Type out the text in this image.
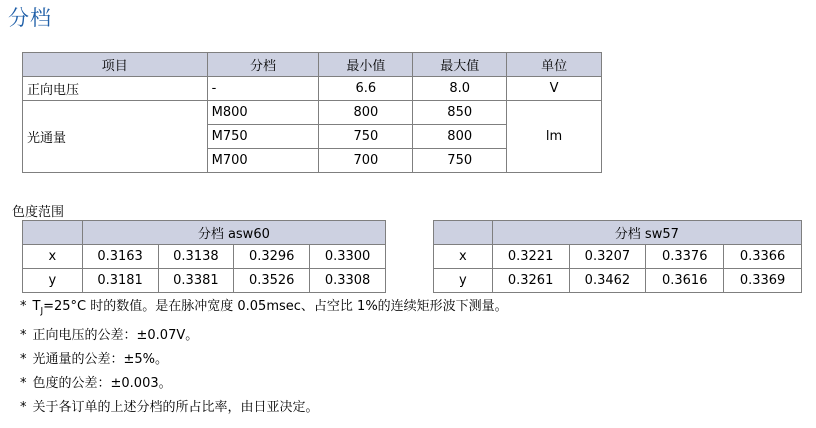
分档
项目	分档	最小值	最大值	单位
正向电压	-	6.6	8.0	V
光通量	M800	800	850	lm
	M750	750	800	
	M700	700	750	
色度范围
	分档 asw60			
x	0.3163	0.3138	0.3296	0.3300
y	0.3181	0.3381	0.3526	0.3308
	分档 sw57			
x	0.3221	0.3207	0.3376	0.3366
y	0.3261	0.3462	0.3616	0.3369
* $T_J=25^\circ C$ 时的数值。是在脉冲宽度 0.05msec、占空比 1%的连续矩形波下测量。
* 正向电压的公差：±0.07V。
* 光通量的公差：±5%。
* 色度的公差：±0.003。
* 关于各订单的上述分档的所占比率，由日亚决定。
